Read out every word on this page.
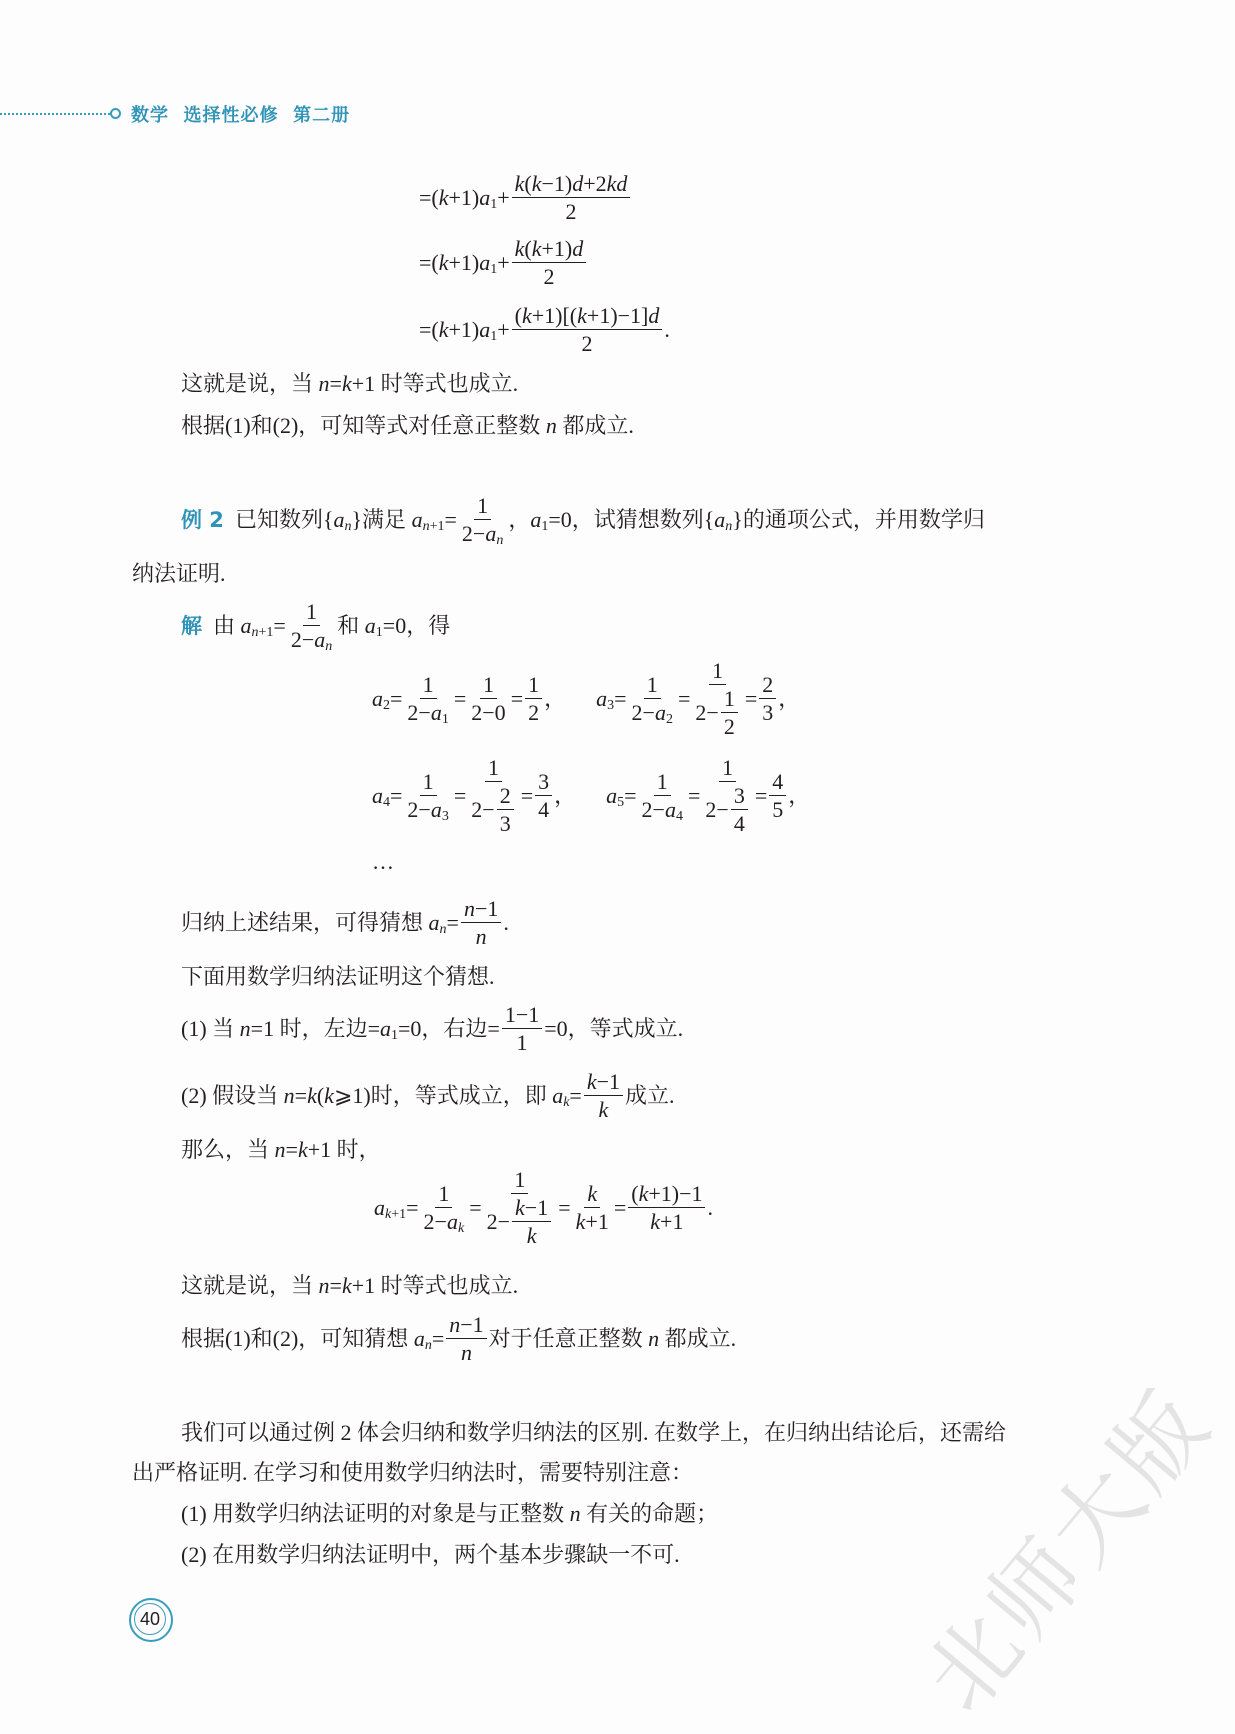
数学  选择性必修  第二册
=( k +1) a $1 + \frac{k ( k -1) d +2 kd}{2}$
=( k +1) a $1 + \frac{k ( k +1) d}{2}$
=( k +1) a $1 + \frac{( k +1)[( k +1)-1] d}{2}$ .
这就是说，当 n = k +1 时等式也成立.
根据(1)和(2)，可知等式对任意正整数 n 都成立.
例 2 已知数列{ a n }满足 a $n +1 = \frac{1}{\text{2− a n}}$ ， a 1 =0，试猜想数列{ a n }的通项公式，并用数学归
纳法证明.
解 由 a $n +1 = \frac{1}{\text{2− a n}}$ 和 a 1 =0，得
a $2 = \frac{1}{2- a 1} = \frac{1}{2-0} = \frac{1}{2}$ ， a $3 = \frac{1}{2- a 2} = \frac{1}{2- \frac{1}{2}} = \frac{2}{3}$ ，
a $4 = \frac{1}{2- a 3} = \frac{1}{2- \frac{2}{3}} = \frac{3}{4}$ ， a $5 = \frac{1}{2- a 4} = \frac{1}{2- \frac{3}{4}} = \frac{4}{5}$ ，
…
归纳上述结果，可得猜想 a $n = \frac{n -1}{n}$ .
下面用数学归纳法证明这个猜想.
(1) 当 n =1 时，左边= a 1 =0，右边= $\frac{1-1}{1} =0$，等式成立.
(2) 假设当 n = k ( k ⩾1)时，等式成立，即 a $k = \frac{k -1}{k}$ 成立.
那么，当 n = k +1 时，
a $k +1 = \frac{1}{\text{2− a k}} = \frac{1}{2- \frac{k -1}{k}} = \frac{k}{k +1} = \frac{( k +1)-1}{k +1}$ .
这就是说，当 n = k +1 时等式也成立.
根据(1)和(2)，可知猜想 a $n = \frac{n -1}{n}$ 对于任意正整数 n 都成立.
我们可以通过例 2 体会归纳和数学归纳法的区别. 在数学上，在归纳出结论后，还需给
出严格证明. 在学习和使用数学归纳法时，需要特别注意：
(1) 用数学归纳法证明的对象是与正整数 n 有关的命题；
(2) 在用数学归纳法证明中，两个基本步骤缺一不可.
40	北师大版
